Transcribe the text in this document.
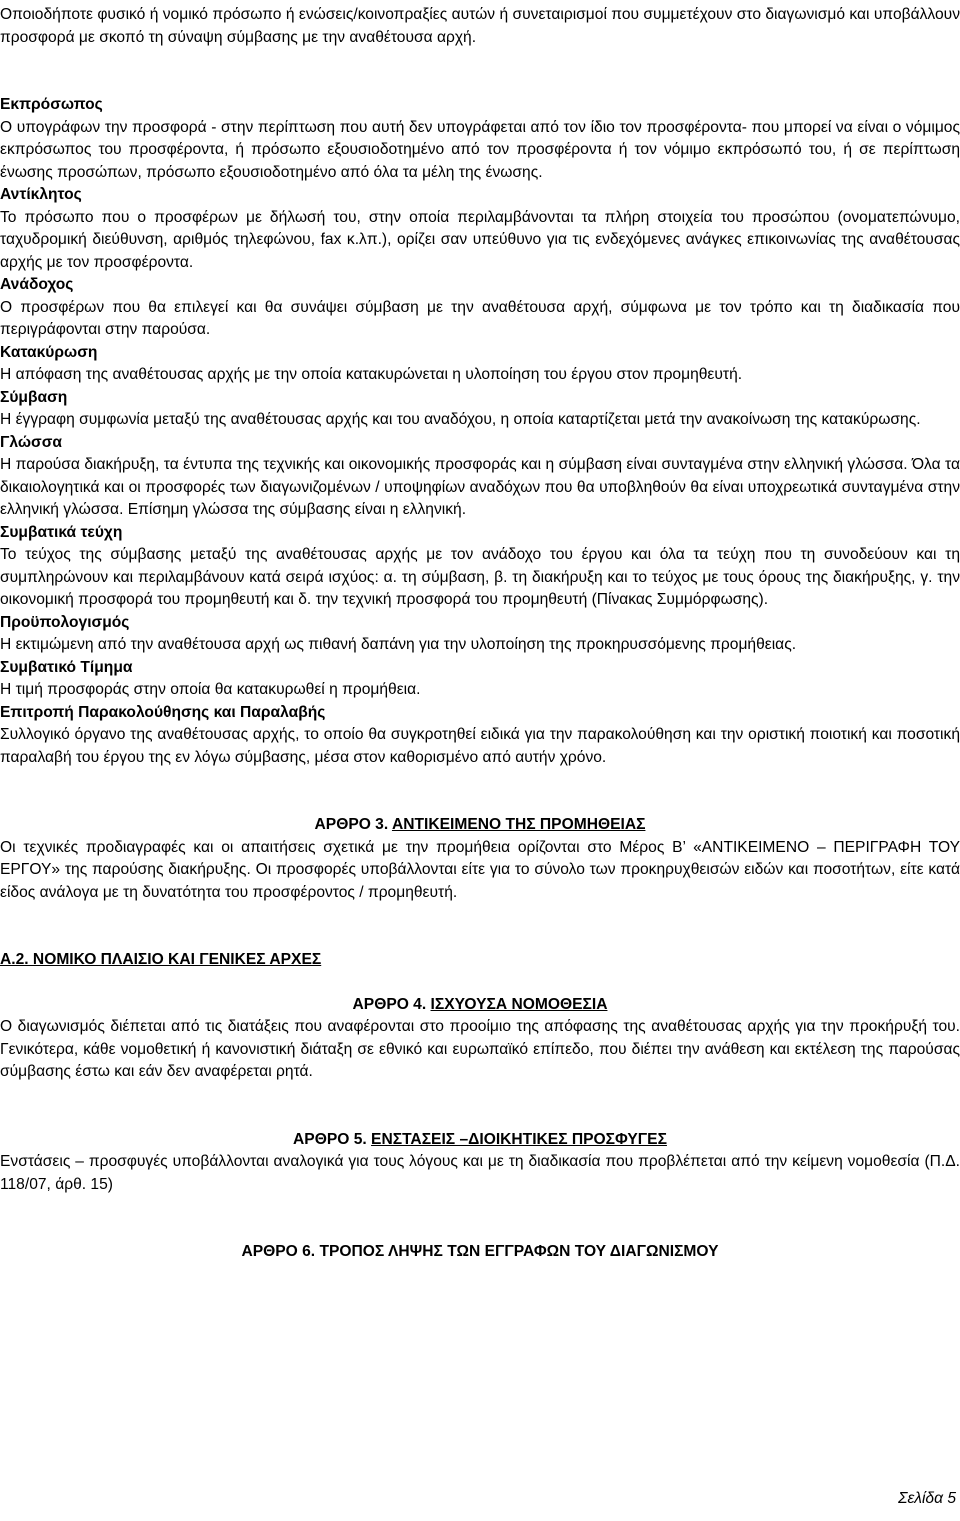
Οποιοδήποτε φυσικό ή νομικό πρόσωπο ή ενώσεις/κοινοπραξίες αυτών ή συνεταιρισμοί που συμμετέχουν στο διαγωνισμό και υποβάλλουν προσφορά με σκοπό τη σύναψη σύμβασης με την αναθέτουσα αρχή.

Εκπρόσωπος

Ο υπογράφων την προσφορά - στην περίπτωση που αυτή δεν υπογράφεται από τον ίδιο τον προσφέροντα- που μπορεί να είναι ο νόμιμος εκπρόσωπος του προσφέροντα, ή πρόσωπο εξουσιοδοτημένο από τον προσφέροντα ή τον νόμιμο εκπρόσωπό του, ή σε περίπτωση ένωσης προσώπων, πρόσωπο εξουσιοδοτημένο από όλα τα μέλη της ένωσης.

Αντίκλητος

Το πρόσωπο που ο προσφέρων με δήλωσή του, στην οποία περιλαμβάνονται τα πλήρη στοιχεία του προσώπου (ονοματεπώνυμο, ταχυδρομική διεύθυνση, αριθμός τηλεφώνου, fax κ.λπ.), ορίζει σαν υπεύθυνο για τις ενδεχόμενες ανάγκες επικοινωνίας της αναθέτουσας αρχής με τον προσφέροντα.

Ανάδοχος

Ο προσφέρων που θα επιλεγεί και θα συνάψει σύμβαση με την αναθέτουσα αρχή, σύμφωνα με τον τρόπο και τη διαδικασία που περιγράφονται στην παρούσα.

Κατακύρωση

Η απόφαση της αναθέτουσας αρχής με την οποία κατακυρώνεται η υλοποίηση του έργου στον προμηθευτή.

Σύμβαση

Η έγγραφη συμφωνία μεταξύ της αναθέτουσας αρχής και του αναδόχου, η οποία καταρτίζεται μετά την ανακοίνωση της κατακύρωσης.

Γλώσσα

Η παρούσα διακήρυξη, τα έντυπα της τεχνικής και οικονομικής προσφοράς και η σύμβαση είναι συνταγμένα στην ελληνική γλώσσα. Όλα τα δικαιολογητικά και οι προσφορές των διαγωνιζομένων / υποψηφίων αναδόχων που θα υποβληθούν θα είναι υποχρεωτικά συνταγμένα στην ελληνική γλώσσα. Επίσημη γλώσσα της σύμβασης είναι η ελληνική.

Συμβατικά τεύχη

Το τεύχος της σύμβασης μεταξύ της αναθέτουσας αρχής με τον ανάδοχο του έργου και όλα τα τεύχη που τη συνοδεύουν και τη συμπληρώνουν και περιλαμβάνουν κατά σειρά ισχύος: α. τη σύμβαση, β. τη διακήρυξη και το τεύχος με τους όρους της διακήρυξης, γ. την οικονομική προσφορά του προμηθευτή και δ. την τεχνική προσφορά του προμηθευτή (Πίνακας Συμμόρφωσης).

Προϋπολογισμός

Η εκτιμώμενη από την αναθέτουσα αρχή ως πιθανή δαπάνη για την υλοποίηση της προκηρυσσόμενης προμήθειας.

Συμβατικό Τίμημα

Η τιμή προσφοράς στην οποία θα κατακυρωθεί η προμήθεια.

Επιτροπή Παρακολούθησης και Παραλαβής

Συλλογικό όργανο της αναθέτουσας αρχής, το οποίο θα συγκροτηθεί ειδικά για την παρακολούθηση και την οριστική ποιοτική και ποσοτική παραλαβή του έργου της εν λόγω σύμβασης, μέσα στον καθορισμένο από αυτήν χρόνο.

ΑΡΘΡΟ 3. ΑΝΤΙΚΕΙΜΕΝΟ ΤΗΣ ΠΡΟΜΗΘΕΙΑΣ

Οι τεχνικές προδιαγραφές και οι απαιτήσεις σχετικά με την προμήθεια ορίζονται στο Μέρος Β’ «ΑΝΤΙΚΕΙΜΕΝΟ – ΠΕΡΙΓΡΑΦΗ ΤΟΥ ΕΡΓΟΥ» της παρούσης διακήρυξης. Οι προσφορές υποβάλλονται είτε για το σύνολο των προκηρυχθεισών ειδών και ποσοτήτων, είτε κατά είδος ανάλογα με τη δυνατότητα του προσφέροντος / προμηθευτή.

Α.2. ΝΟΜΙΚΟ ΠΛΑΙΣΙΟ ΚΑΙ ΓΕΝΙΚΕΣ ΑΡΧΕΣ

ΑΡΘΡΟ 4. ΙΣΧΥΟΥΣΑ ΝΟΜΟΘΕΣΙΑ

Ο διαγωνισμός διέπεται από τις διατάξεις που αναφέρονται στο προοίμιο της απόφασης της αναθέτουσας αρχής για την προκήρυξή του. Γενικότερα, κάθε νομοθετική ή κανονιστική διάταξη σε εθνικό και ευρωπαϊκό επίπεδο, που διέπει την ανάθεση και εκτέλεση της παρούσας σύμβασης έστω και εάν δεν αναφέρεται ρητά.

ΑΡΘΡΟ 5. ΕΝΣΤΑΣΕΙΣ –ΔΙΟΙΚΗΤΙΚΕΣ ΠΡΟΣΦΥΓΕΣ

Ενστάσεις – προσφυγές υποβάλλονται αναλογικά για τους λόγους και με τη διαδικασία που προβλέπεται από την κείμενη νομοθεσία (Π.Δ. 118/07, άρθ. 15)

ΑΡΘΡΟ 6. ΤΡΟΠΟΣ ΛΗΨΗΣ ΤΩΝ ΕΓΓΡΑΦΩΝ ΤΟΥ ΔΙΑΓΩΝΙΣΜΟΥ

Σελίδα 5
